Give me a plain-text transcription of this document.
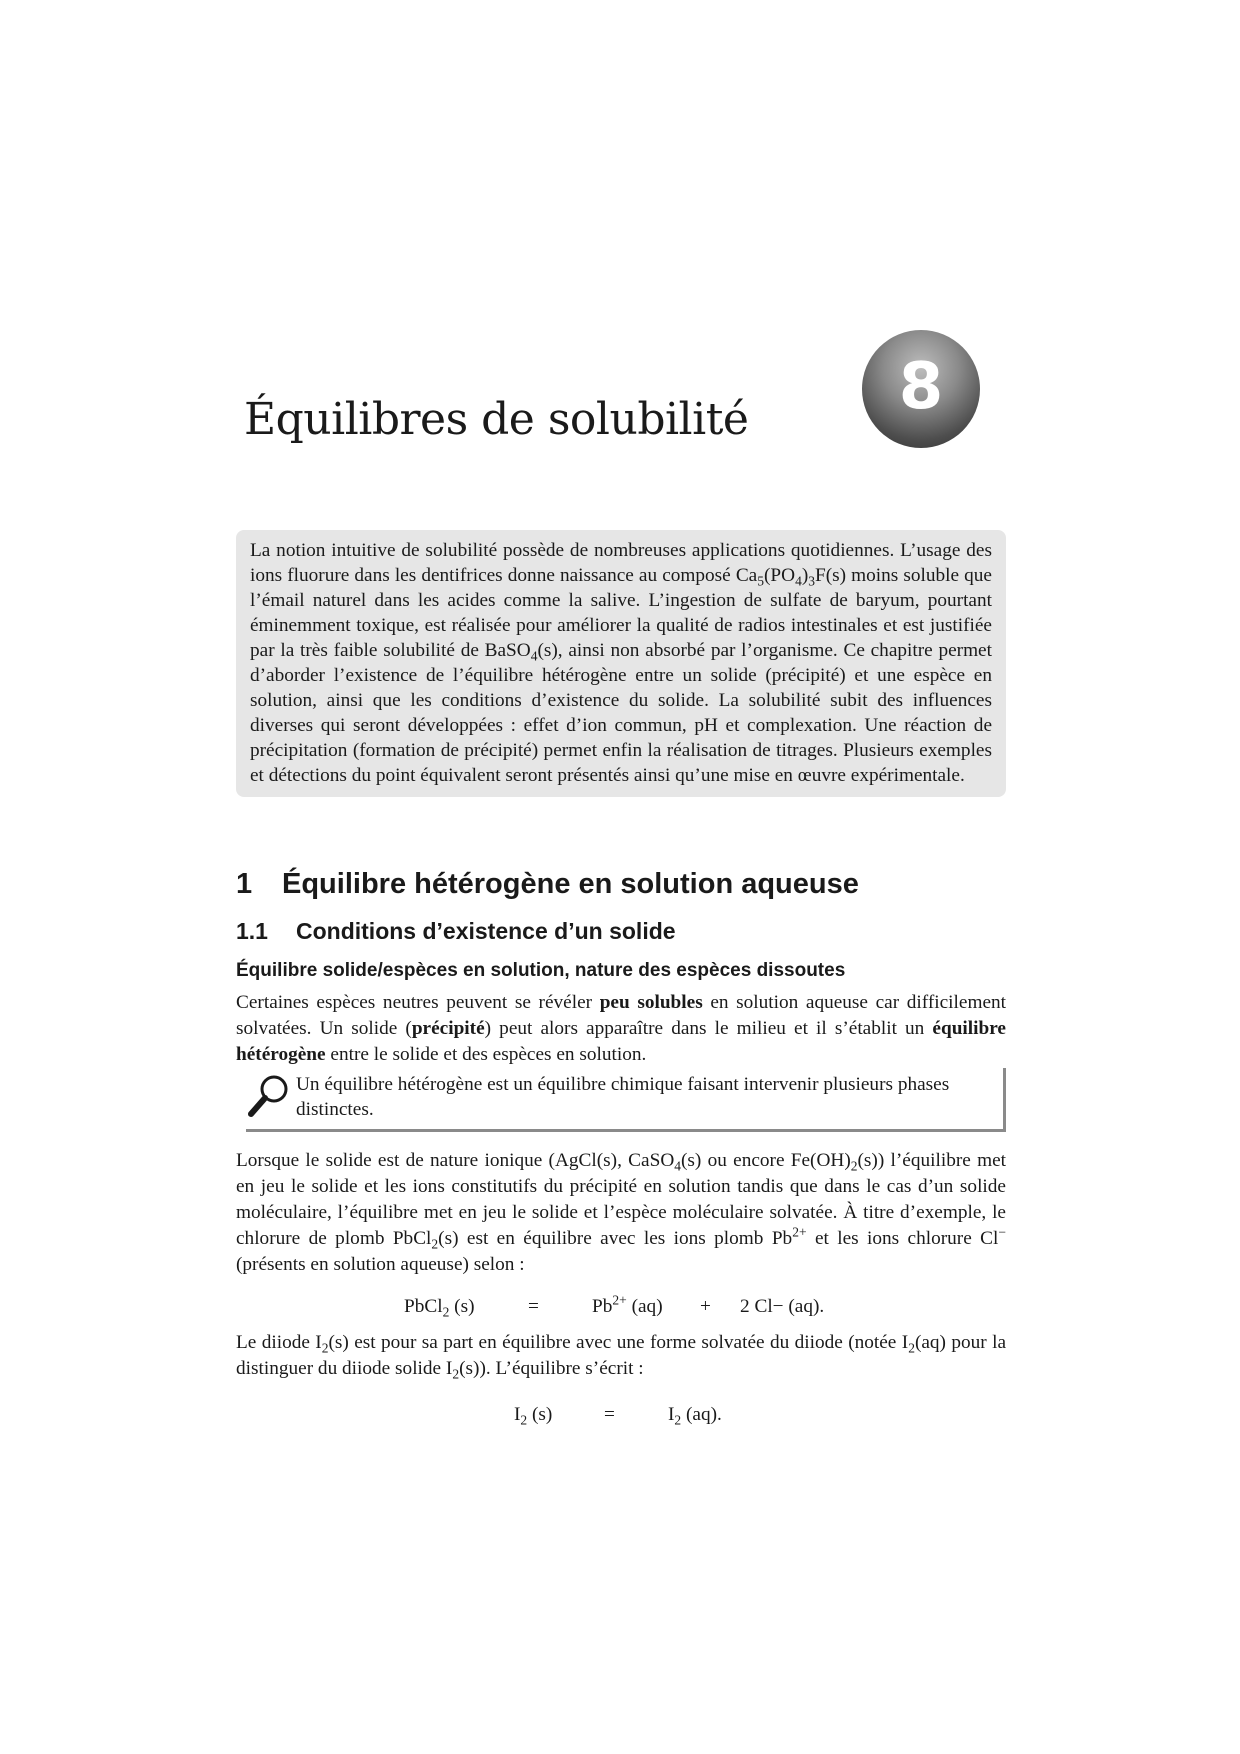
Équilibres de solubilité 8

La notion intuitive de solubilité possède de nombreuses applications quotidiennes. L’usage des ions fluorure dans les dentifrices donne naissance au composé $Ca_5(PO_4)_3F(s)$ moins soluble que l’émail naturel dans les acides comme la salive. L’ingestion de sulfate de baryum, pourtant éminemment toxique, est réalisée pour améliorer la qualité de radios intestinales et est justifiée par la très faible solubilité de BaSO$_4$(s), ainsi non absorbé par l’organisme. Ce chapitre permet d’aborder l’existence de l’équilibre hétérogène entre un solide (précipité) et une espèce en solution, ainsi que les conditions d’existence du solide. La solubilité subit des influences diverses qui seront développées : effet d’ion commun, pH et complexation. Une réaction de précipitation (formation de précipité) permet enfin la réalisation de titrages. Plusieurs exemples et détections du point équivalent seront présentés ainsi qu’une mise en œuvre expérimentale.

1 Équilibre hétérogène en solution aqueuse
1.1 Conditions d’existence d’un solide
Équilibre solide/espèces en solution, nature des espèces dissoutes

Certaines espèces neutres peuvent se révéler peu solubles en solution aqueuse car difficilement solvatées. Un solide (précipité) peut alors apparaître dans le milieu et il s’établit un équilibre hétérogène entre le solide et des espèces en solution.

Un équilibre hétérogène est un équilibre chimique faisant intervenir plusieurs phases distinctes.

Lorsque le solide est de nature ionique (AgCl(s), CaSO$_4$(s) ou encore $Fe(OH)_2(s)$) l’équilibre met en jeu le solide et les ions constitutifs du précipité en solution tandis que dans le cas d’un solide moléculaire, l’équilibre met en jeu le solide et l’espèce moléculaire solvatée. À titre d’exemple, le chlorure de plomb PbCl$_2$(s) est en équilibre avec les ions plomb $Pb^{2+}$ et les ions chlorure Cl− (présents en solution aqueuse) selon :

PbCl$_2$ (s)	=	$Pb^{2+}$ (aq) + 2 Cl− (aq).

Le diiode $I_2(s)$ est pour sa part en équilibre avec une forme solvatée du diiode (notée $I_2(aq)$ pour la distinguer du diiode solide $I_2(s)$). L’équilibre s’écrit :

$I_2$ (s)	=	$I_2$ (aq).
